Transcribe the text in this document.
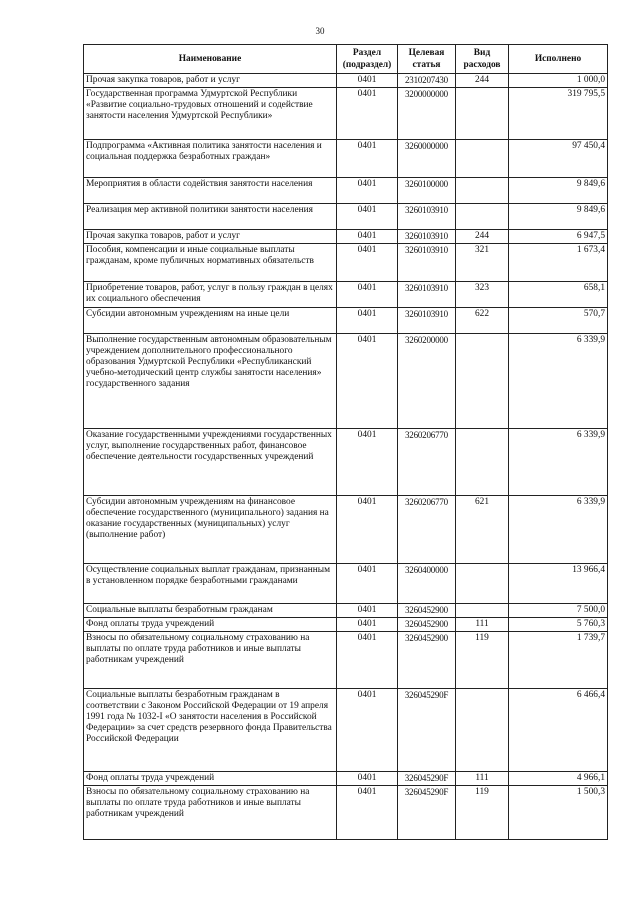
30
Наименование	Раздел (подраздел)	Целевая статья	Вид расходов	Исполнено
Прочая закупка товаров, работ и услуг	0401	2310207430	244	1 000,0
Государственная программа Удмуртской Республики «Развитие социально-трудовых отношений и содействие занятости населения Удмуртской Республики»	0401	3200000000		319 795,5
Подпрограмма «Активная политика занятости населения и социальная поддержка безработных граждан»	0401	3260000000		97 450,4
Мероприятия в области содействия занятости населения	0401	3260100000		9 849,6
Реализация мер активной политики занятости населения	0401	3260103910		9 849,6
Прочая закупка товаров, работ и услуг	0401	3260103910	244	6 947,5
Пособия, компенсации и иные социальные выплаты гражданам, кроме публичных нормативных обязательств	0401	3260103910	321	1 673,4
Приобретение товаров, работ, услуг в пользу граждан в целях их социального обеспечения	0401	3260103910	323	658,1
Субсидии автономным учреждениям на иные цели	0401	3260103910	622	570,7
Выполнение государственным автономным образовательным учреждением дополнительного профессионального образования Удмуртской Республики «Республиканский учебно-методический центр службы занятости населения» государственного задания	0401	3260200000		6 339,9
Оказание государственными учреждениями государственных услуг, выполнение государственных работ, финансовое обеспечение деятельности государственных учреждений	0401	3260206770		6 339,9
Субсидии автономным учреждениям на финансовое обеспечение государственного (муниципального) задания на оказание государственных (муниципальных) услуг (выполнение работ)	0401	3260206770	621	6 339,9
Осуществление социальных выплат гражданам, признанным в установленном порядке безработными гражданами	0401	3260400000		13 966,4
Социальные выплаты безработным гражданам	0401	3260452900		7 500,0
Фонд оплаты труда учреждений	0401	3260452900	111	5 760,3
Взносы по обязательному социальному страхованию на выплаты по оплате труда работников и иные выплаты работникам учреждений	0401	3260452900	119	1 739,7
Социальные выплаты безработным гражданам в соответствии с Законом Российской Федерации от 19 апреля 1991 года № 1032-I «О занятости населения в Российской Федерации» за счет средств резервного фонда Правительства Российской Федерации	0401	326045290F		6 466,4
Фонд оплаты труда учреждений	0401	326045290F	111	4 966,1
Взносы по обязательному социальному страхованию на выплаты по оплате труда работников и иные выплаты работникам учреждений	0401	326045290F	119	1 500,3
